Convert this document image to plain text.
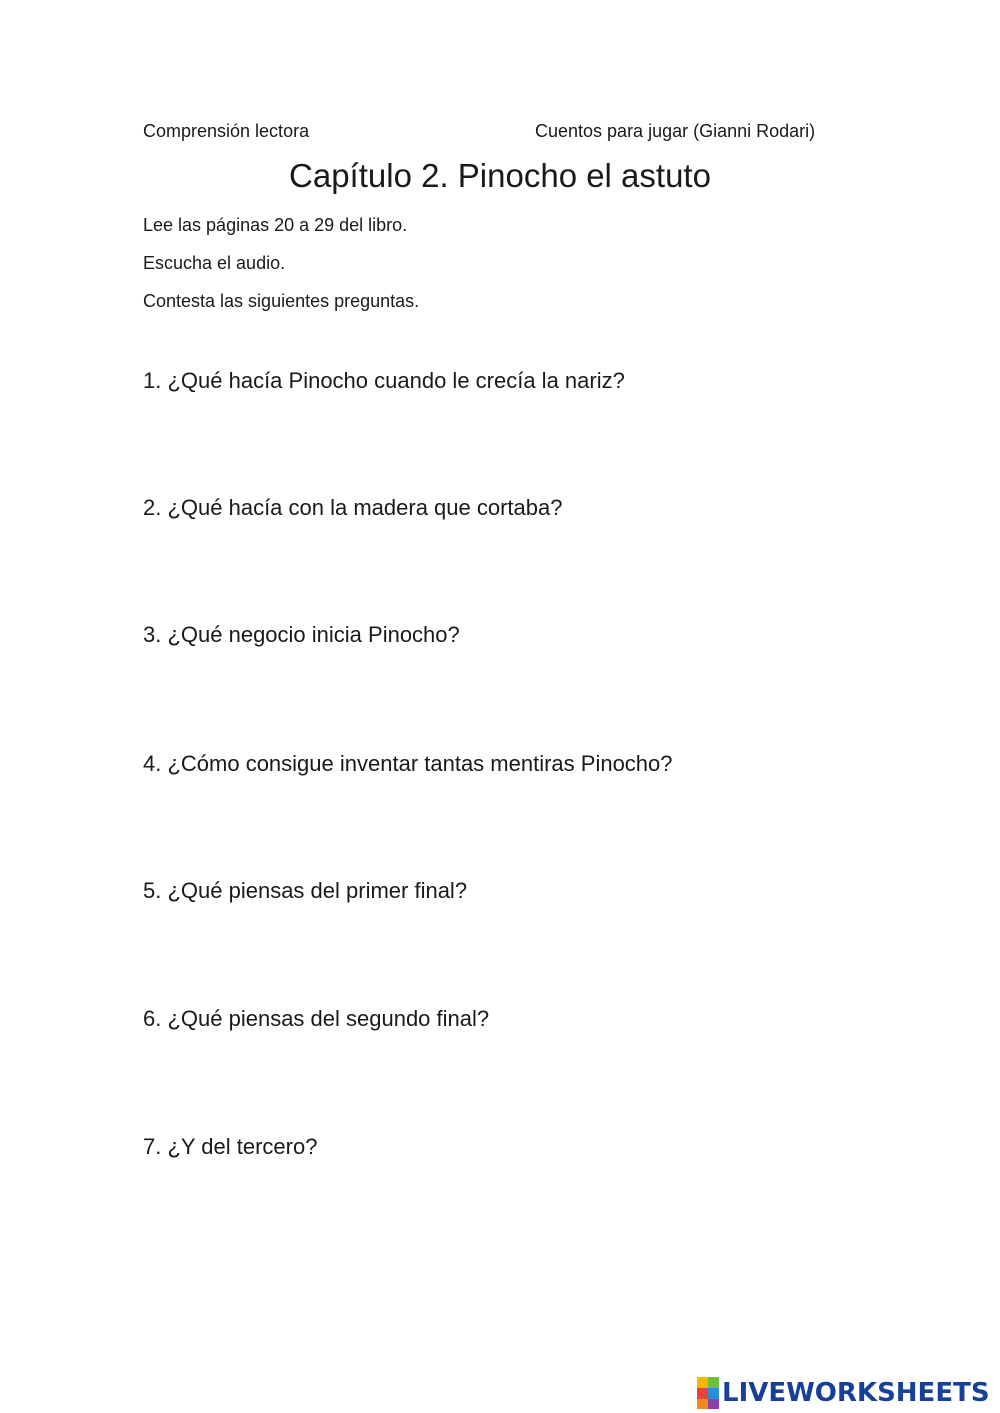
Comprensión lectora	Cuentos para jugar (Gianni Rodari)
Capítulo 2. Pinocho el astuto
Lee las páginas 20 a 29 del libro.
Escucha el audio.
Contesta las siguientes preguntas.
1. ¿Qué hacía Pinocho cuando le crecía la nariz?
2. ¿Qué hacía con la madera que cortaba?
3. ¿Qué negocio inicia Pinocho?
4. ¿Cómo consigue inventar tantas mentiras Pinocho?
5. ¿Qué piensas del primer final?
6. ¿Qué piensas del segundo final?
7. ¿Y del tercero?
LIVEWORKSHEETS
